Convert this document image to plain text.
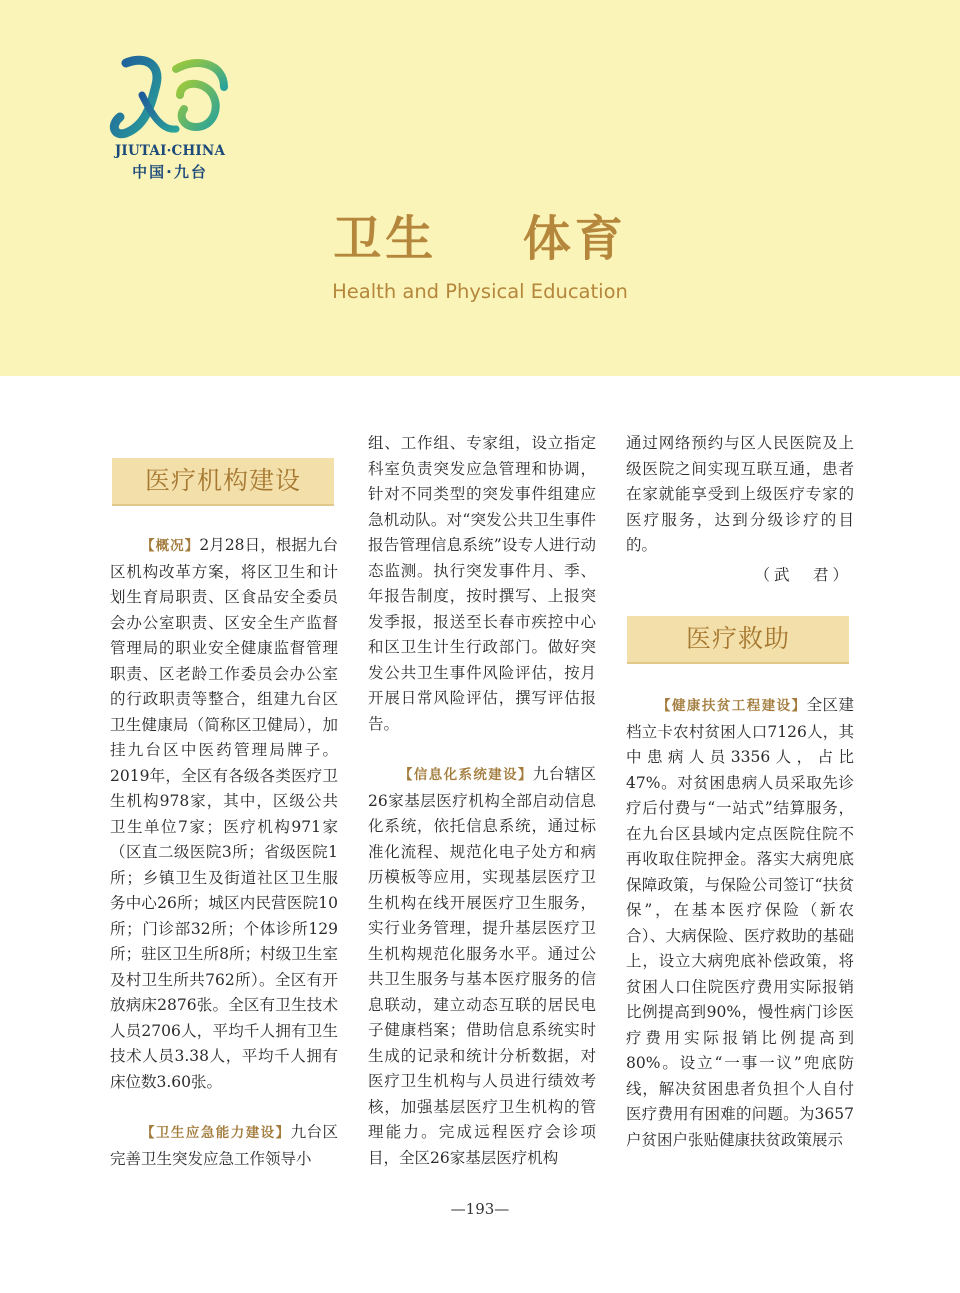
JIUTAI·CHINA
中国·九台
卫生  体育
Health and Physical Education
医疗机构建设

【概况】2月28日，根据九台区机构改革方案，将区卫生和计划生育局职责、区食品安全委员会办公室职责、区安全生产监督管理局的职业安全健康监督管理职责、区老龄工作委员会办公室的行政职责等整合，组建九台区卫生健康局（简称区卫健局），加挂九台区中医药管理局牌子。2019年，全区有各级各类医疗卫生机构978家，其中，区级公共卫生单位7家；医疗机构971家（区直二级医院3所；省级医院1所；乡镇卫生及街道社区卫生服务中心26所；城区内民营医院10所；门诊部32所；个体诊所129所；驻区卫生所8所；村级卫生室及村卫生所共762所）。全区有开放病床2876张。全区有卫生技术人员2706人，平均千人拥有卫生技术人员3.38人，平均千人拥有床位数3.60张。

【卫生应急能力建设】九台区完善卫生突发应急工作领导小

组、工作组、专家组，设立指定科室负责突发应急管理和协调，针对不同类型的突发事件组建应急机动队。对“突发公共卫生事件报告管理信息系统”设专人进行动态监测。执行突发事件月、季、年报告制度，按时撰写、上报突发季报，报送至长春市疾控中心和区卫生计生行政部门。做好突发公共卫生事件风险评估，按月开展日常风险评估，撰写评估报告。

【信息化系统建设】九台辖区26家基层医疗机构全部启动信息化系统，依托信息系统，通过标准化流程、规范化电子处方和病历模板等应用，实现基层医疗卫生机构在线开展医疗卫生服务，实行业务管理，提升基层医疗卫生机构规范化服务水平。通过公共卫生服务与基本医疗服务的信息联动，建立动态互联的居民电子健康档案；借助信息系统实时生成的记录和统计分析数据，对医疗卫生机构与人员进行绩效考核，加强基层医疗卫生机构的管理能力。完成远程医疗会诊项目，全区26家基层医疗机构

通过网络预约与区人民医院及上级医院之间实现互联互通，患者在家就能享受到上级医疗专家的医疗服务，达到分级诊疗的目的。

（武　君）
医疗救助

【健康扶贫工程建设】全区建档立卡农村贫困人口7126人，其中患病人员3356人，占比47%。对贫困患病人员采取先诊疗后付费与“一站式”结算服务，在九台区县域内定点医院住院不再收取住院押金。落实大病兜底保障政策，与保险公司签订“扶贫保”，在基本医疗保险（新农合）、大病保险、医疗救助的基础上，设立大病兜底补偿政策，将贫困人口住院医疗费用实际报销比例提高到90%，慢性病门诊医疗费用实际报销比例提高到80%。设立“一事一议”兜底防线，解决贫困患者负担个人自付医疗费用有困难的问题。为3657户贫困户张贴健康扶贫政策展示

—193—
